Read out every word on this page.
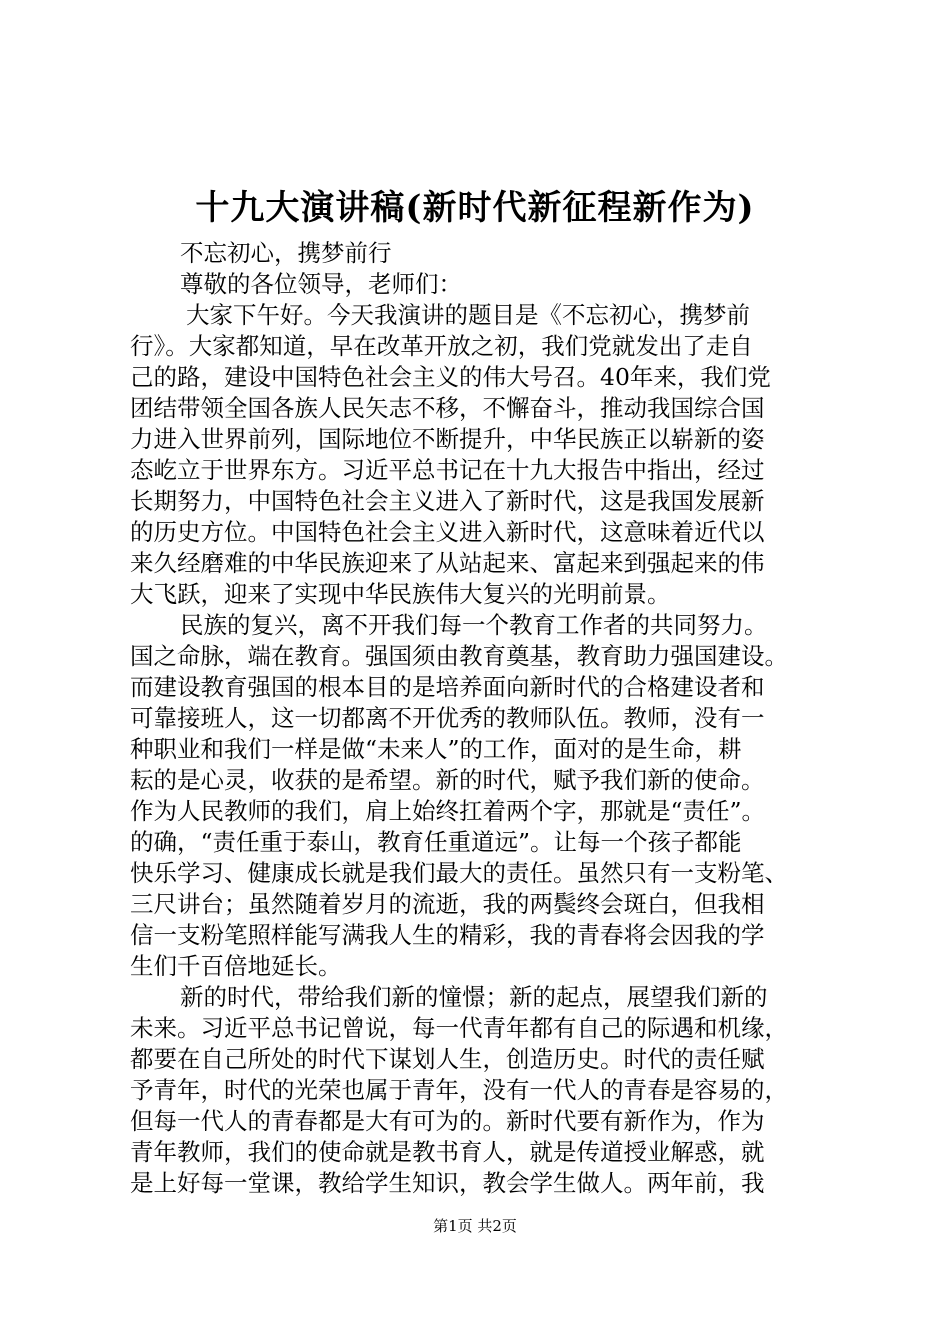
十九大演讲稿(新时代新征程新作为)
不忘初心，携梦前行
尊敬的各位领导，老师们：
大家下午好。今天我演讲的题目是《不忘初心，携梦前
行》。大家都知道，早在改革开放之初，我们党就发出了走自
己的路，建设中国特色社会主义的伟大号召。40年来，我们党
团结带领全国各族人民矢志不移，不懈奋斗，推动我国综合国
力进入世界前列，国际地位不断提升，中华民族正以崭新的姿
态屹立于世界东方。习近平总书记在十九大报告中指出，经过
长期努力，中国特色社会主义进入了新时代，这是我国发展新
的历史方位。中国特色社会主义进入新时代，这意味着近代以
来久经磨难的中华民族迎来了从站起来、富起来到强起来的伟
大飞跃，迎来了实现中华民族伟大复兴的光明前景。
民族的复兴，离不开我们每一个教育工作者的共同努力。
国之命脉，端在教育。强国须由教育奠基，教育助力强国建设。
而建设教育强国的根本目的是培养面向新时代的合格建设者和
可靠接班人，这一切都离不开优秀的教师队伍。教师，没有一
种职业和我们一样是做“未来人”的工作，面对的是生命，耕
耘的是心灵，收获的是希望。新的时代，赋予我们新的使命。
作为人民教师的我们，肩上始终扛着两个字，那就是“责任”。
的确，“责任重于泰山，教育任重道远”。让每一个孩子都能
快乐学习、健康成长就是我们最大的责任。虽然只有一支粉笔、
三尺讲台；虽然随着岁月的流逝，我的两鬓终会斑白，但我相
信一支粉笔照样能写满我人生的精彩，我的青春将会因我的学
生们千百倍地延长。
新的时代，带给我们新的憧憬；新的起点，展望我们新的
未来。习近平总书记曾说，每一代青年都有自己的际遇和机缘，
都要在自己所处的时代下谋划人生，创造历史。时代的责任赋
予青年，时代的光荣也属于青年，没有一代人的青春是容易的，
但每一代人的青春都是大有可为的。新时代要有新作为，作为
青年教师，我们的使命就是教书育人，就是传道授业解惑，就
是上好每一堂课，教给学生知识，教会学生做人。两年前，我
第1页 共2页
